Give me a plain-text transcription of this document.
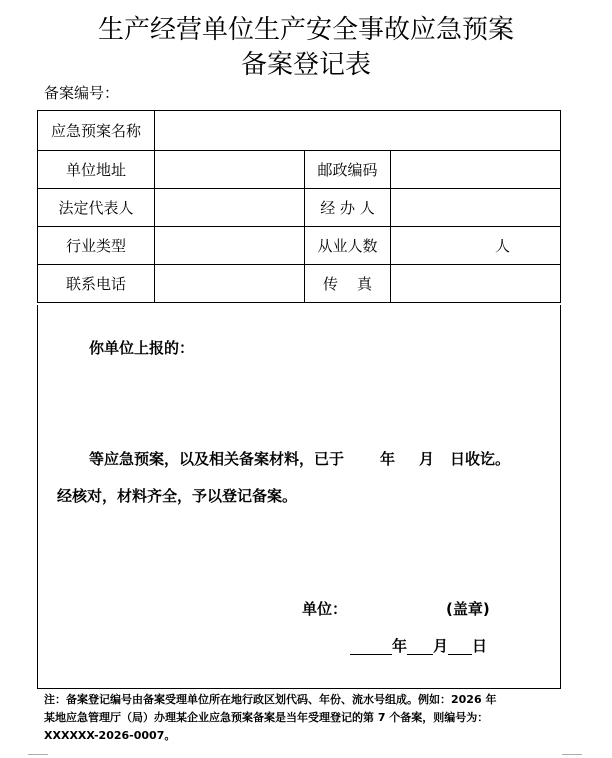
生产经营单位生产安全事故应急预案
备案登记表
备案编号：
应急预案名称			
单位地址		邮政编码	
法定代表人		经 办 人	
行业类型		从业人数	人
联系电话		传    真	
你单位上报的：
等应急预案，以及相关备案材料，已于 年 月 日收讫。
经核对，材料齐全，予以登记备案。
单位：	(盖章)
年 月 日
注：备案登记编号由备案受理单位所在地行政区划代码、年份、流水号组成。例如：2026 年
某地应急管理厅（局）办理某企业应急预案备案是当年受理登记的第 7 个备案，则编号为：
XXXXXX-2026-0007。
